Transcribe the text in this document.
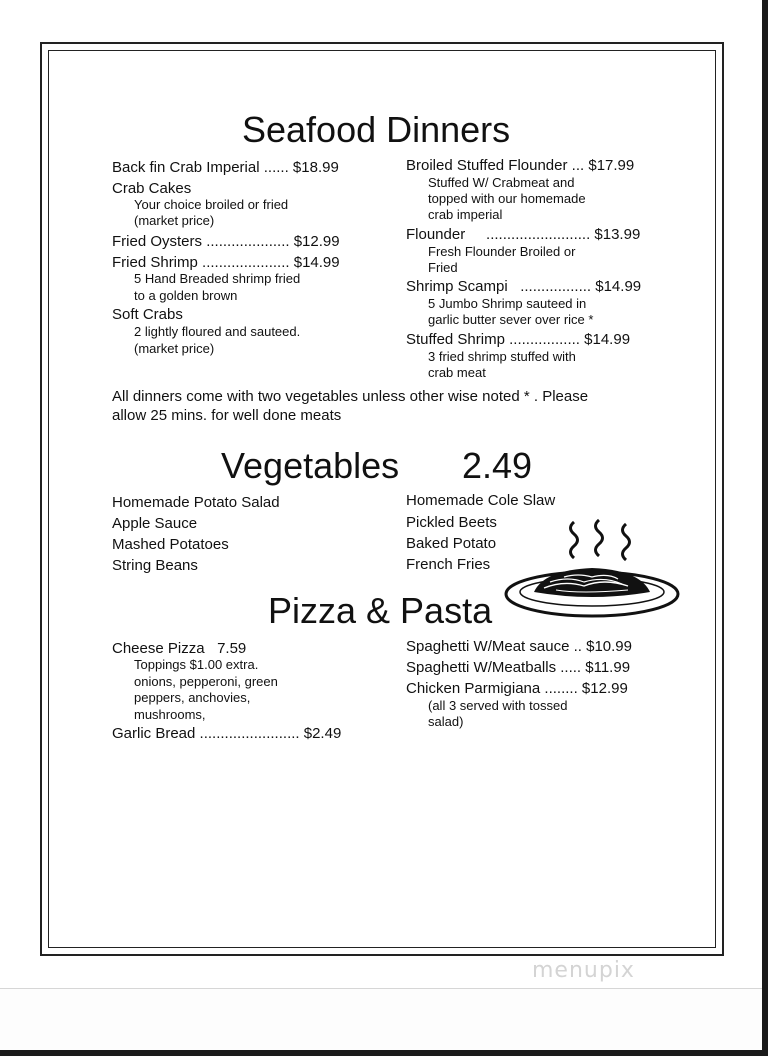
Seafood Dinners
Back fin Crab Imperial ...... $18.99
Crab Cakes
Your choice broiled or fried
(market price)
Fried Oysters .................... $12.99
Fried Shrimp ..................... $14.99
5 Hand Breaded shrimp fried
to a golden brown
Soft Crabs
2 lightly floured and sauteed.
(market price)
Broiled Stuffed Flounder ... $17.99
Stuffed W/ Crabmeat and
topped with our homemade
crab imperial
Flounder ......................... $13.99
Fresh Flounder Broiled or
Fried
Shrimp Scampi ................. $14.99
5 Jumbo Shrimp sauteed in
garlic butter sever over rice *
Stuffed Shrimp ................. $14.99
3 fried shrimp stuffed with
crab meat
All dinners come with two vegetables unless other wise noted * . Please
allow 25 mins. for well done meats
Vegetables 2.49
Homemade Potato Salad
Apple Sauce
Mashed Potatoes
String Beans
Homemade Cole Slaw
Pickled Beets
Baked Potato
French Fries
Pizza & Pasta
Cheese Pizza 7.59
Toppings $1.00 extra.
onions, pepperoni, green
peppers, anchovies,
mushrooms,
Garlic Bread ........................ $2.49
Spaghetti W/Meat sauce .. $10.99
Spaghetti W/Meatballs ..... $11.99
Chicken Parmigiana ........ $12.99
(all 3 served with tossed
salad)
menupix
